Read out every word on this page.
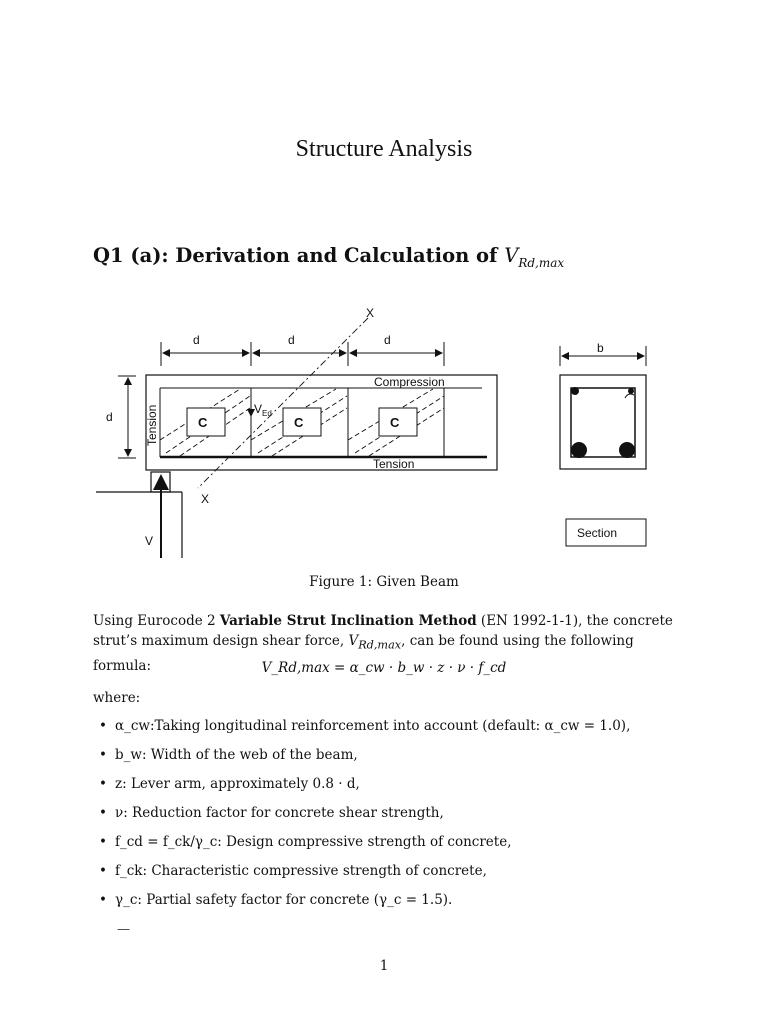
Structure Analysis
Q1 (a): Derivation and Calculation of $V_{Rd,max}$
d	d	d
d
X
X
C	C	C
Compression
Tension
Tension	$V_{Ed}$
V
b
Section
Figure 1: Given Beam
Using Eurocode 2 Variable Strut Inclination Method (EN 1992-1-1), the concrete strut’s maximum design shear force, $V_{Rd,max}$, can be found using the following formula:	V_Rd,max = α_cw · b_w · z · ν · f_cd
where:
• α_cw:Taking longitudinal reinforcement into account (default: α_cw = 1.0),
• b_w: Width of the web of the beam,
• z: Lever arm, approximately 0.8 · d,
• ν: Reduction factor for concrete shear strength,
• f_cd = f_ck/γ_c: Design compressive strength of concrete,
• f_ck: Characteristic compressive strength of concrete,
• γ_c: Partial safety factor for concrete (γ_c = 1.5).
—
1
